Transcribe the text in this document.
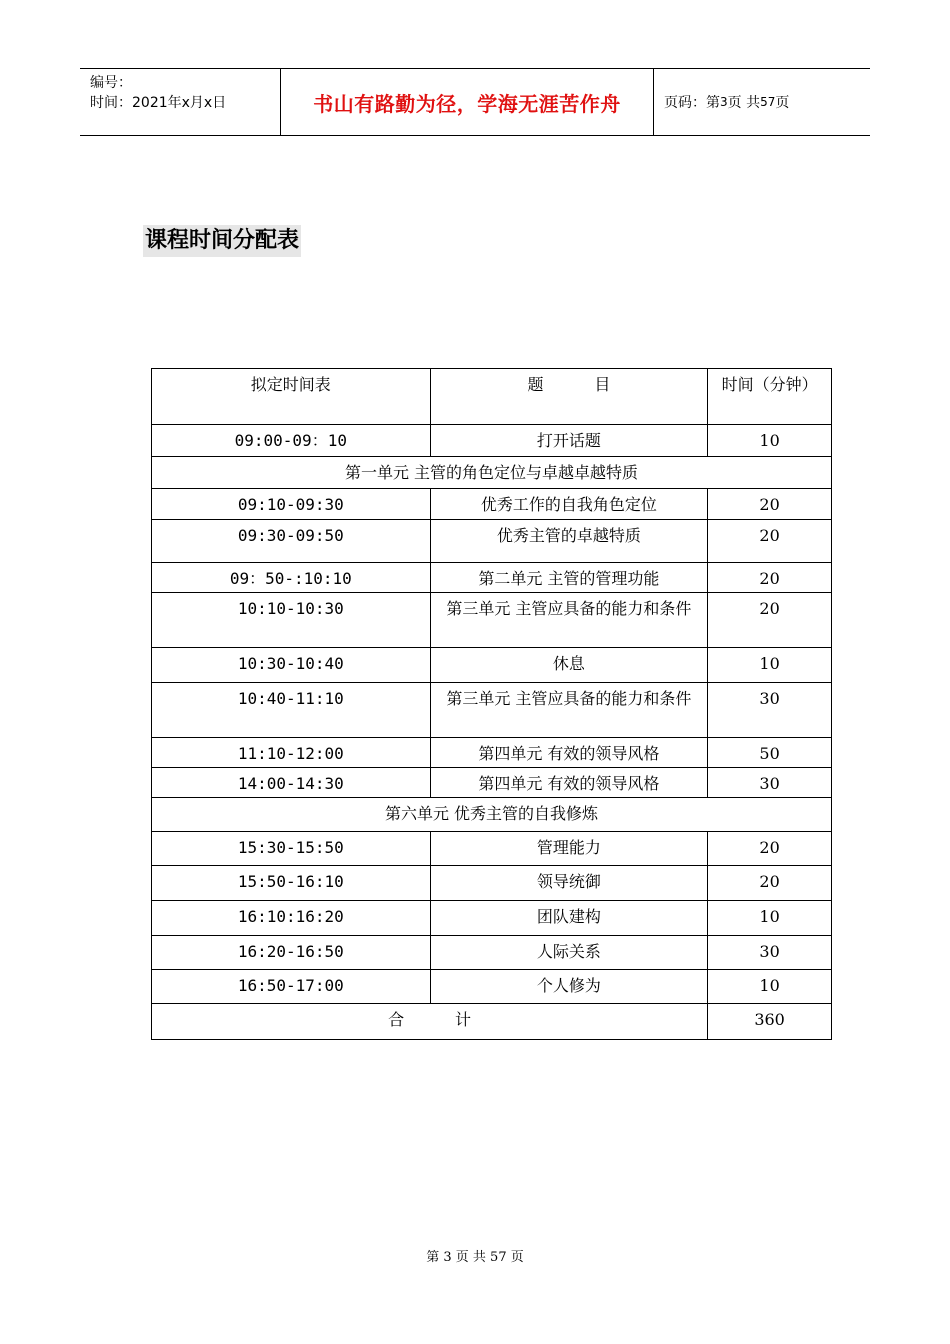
编号：
时间：2021年x月x日	书山有路勤为径，学海无涯苦作舟	页码：第 3 页 共 57 页
课程时间分配表
拟定时间表	题          目	时间（分钟）
09:00-09：10	打开话题	10
第一单元 主管的角色定位与卓越卓越特质		
09:10-09:30	优秀工作的自我角色定位	20
09:30-09:50	优秀主管的卓越特质	20
09：50-:10:10	第二单元 主管的管理功能	20
10:10-10:30	第三单元 主管应具备的能力和条件	20
10:30-10:40	休息	10
10:40-11:10	第三单元 主管应具备的能力和条件	30
11:10-12:00	第四单元 有效的领导风格	50
14:00-14:30	第四单元 有效的领导风格	30
第六单元 优秀主管的自我修炼		
15:30-15:50	管理能力	20
15:50-16:10	领导统御	20
16:10:16:20	团队建构	10
16:20-16:50	人际关系	30
16:50-17:00	个人修为	10
合          计		360
第 3 页 共 57 页
